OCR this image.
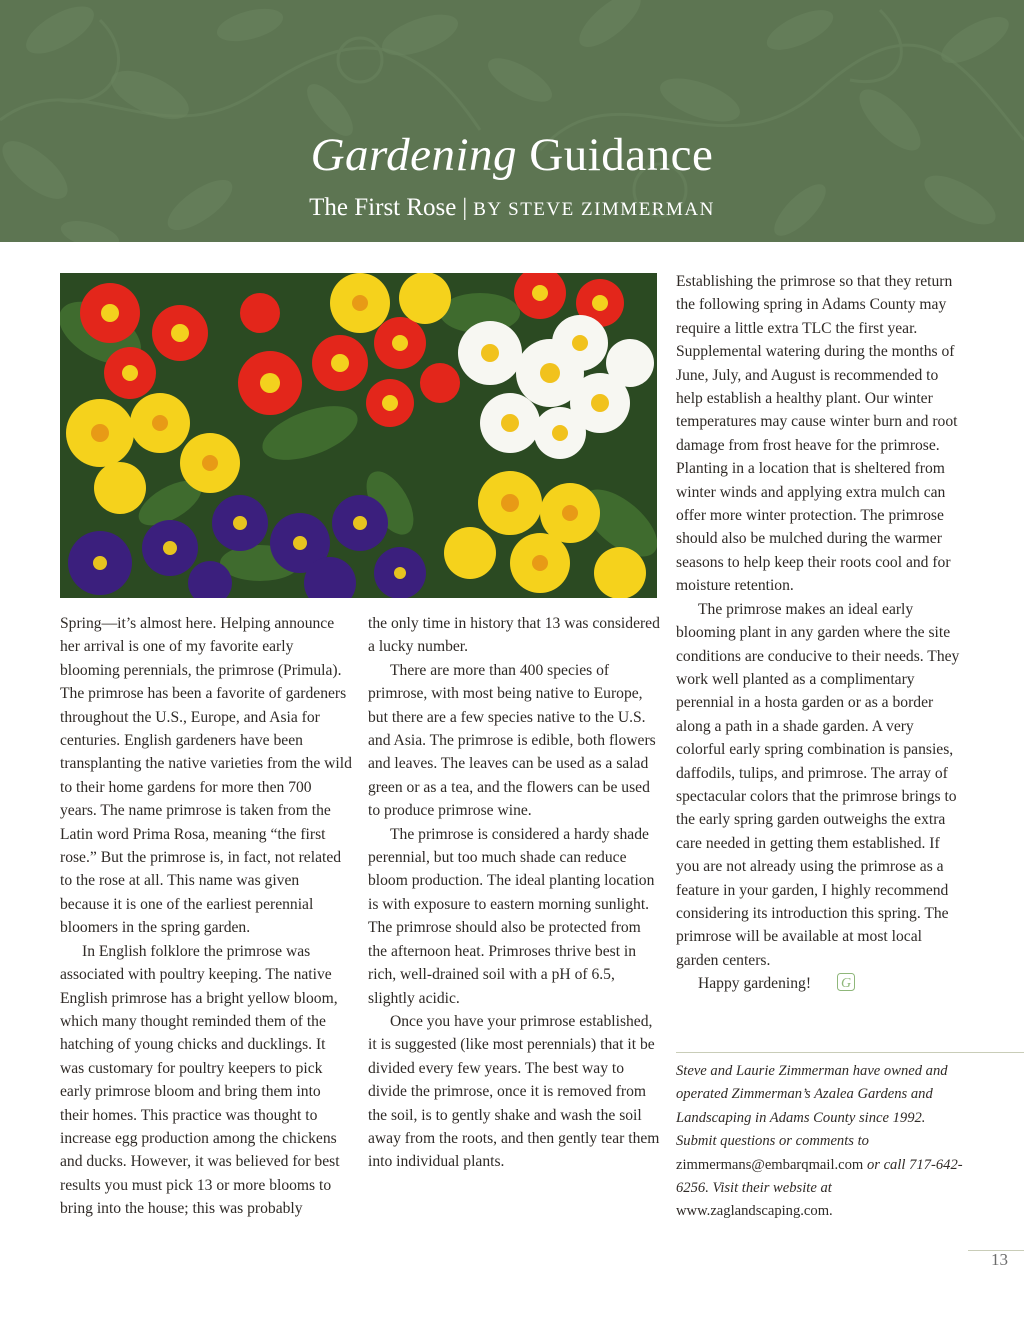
Gardening Guidance
The First Rose | BY STEVE ZIMMERMAN

Spring—it’s almost here. Helping announce her arrival is one of my favorite early blooming perennials, the primrose (Primula). The primrose has been a favorite of gardeners throughout the U.S., Europe, and Asia for centuries. English gardeners have been transplanting the native varieties from the wild to their home gardens for more then 700 years. The name primrose is taken from the Latin word Prima Rosa, meaning “the first rose.” But the primrose is, in fact, not related to the rose at all. This name was given because it is one of the earliest perennial bloomers in the spring garden.

In English folklore the primrose was associated with poultry keeping. The native English primrose has a bright yellow bloom, which many thought reminded them of the hatching of young chicks and ducklings. It was customary for poultry keepers to pick early primrose bloom and bring them into their homes. This practice was thought to increase egg production among the chickens and ducks. However, it was believed for best results you must pick 13 or more blooms to bring into the house; this was probably

the only time in history that 13 was considered a lucky number.

There are more than 400 species of primrose, with most being native to Europe, but there are a few species native to the U.S. and Asia. The primrose is edible, both flowers and leaves. The leaves can be used as a salad green or as a tea, and the flowers can be used to produce primrose wine.

The primrose is considered a hardy shade perennial, but too much shade can reduce bloom production. The ideal planting location is with exposure to eastern morning sunlight. The primrose should also be protected from the afternoon heat. Primroses thrive best in rich, well-drained soil with a pH of 6.5, slightly acidic.

Once you have your primrose established, it is suggested (like most perennials) that it be divided every few years. The best way to divide the primrose, once it is removed from the soil, is to gently shake and wash the soil away from the roots, and then gently tear them into individual plants.

Establishing the primrose so that they return the following spring in Adams County may require a little extra TLC the first year. Supplemental watering during the months of June, July, and August is recommended to help establish a healthy plant. Our winter temperatures may cause winter burn and root damage from frost heave for the primrose. Planting in a location that is sheltered from winter winds and applying extra mulch can offer more winter protection. The primrose should also be mulched during the warmer seasons to help keep their roots cool and for moisture retention.

The primrose makes an ideal early blooming plant in any garden where the site conditions are conducive to their needs. They work well planted as a complimentary perennial in a hosta garden or as a border along a path in a shade garden. A very colorful early spring combination is pansies, daffodils, tulips, and primrose. The array of spectacular colors that the primrose brings to the early spring garden outweighs the extra care needed in getting them established. If you are not already using the primrose as a feature in your garden, I highly recommend considering its introduction this spring. The primrose will be available at most local garden centers.

Happy gardening! G

Steve and Laurie Zimmerman have owned and operated Zimmerman’s Azalea Gardens and Landscaping in Adams County since 1992. Submit questions or comments to zimmermans@embarqmail.com or call 717-642-6256. Visit their website at www.zaglandscaping.com.
13
